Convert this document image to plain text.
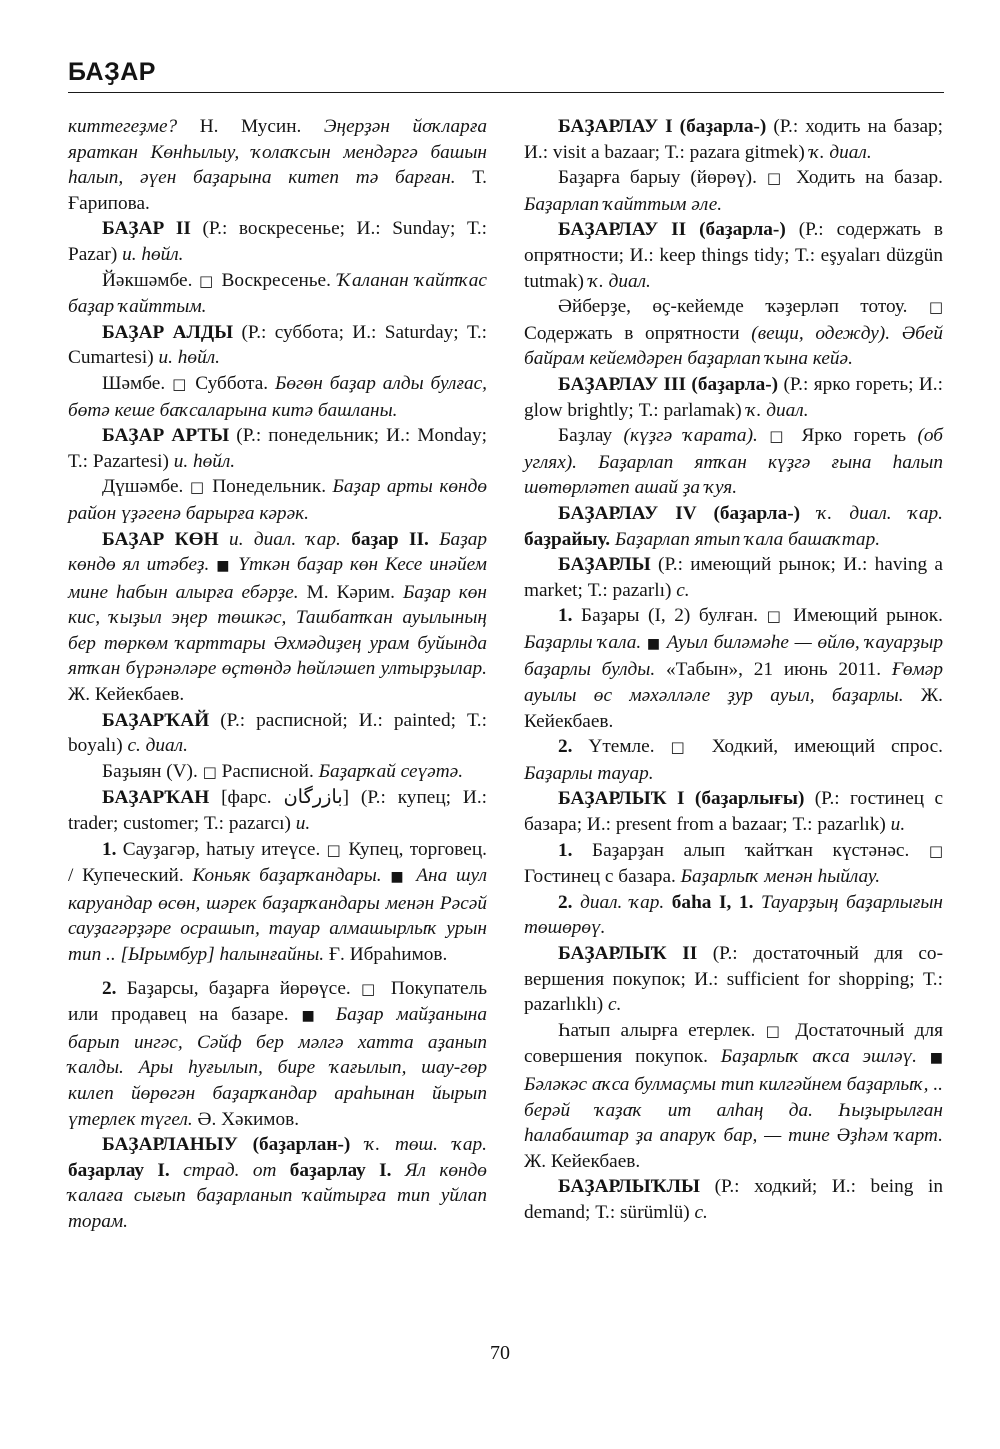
БАҘАР

киттегеҙме? Н. Мусин. Эңерҙән йоҡларға яраткан Көнһылыу, ҡолаҡсын мендәргә башын һалып, әүен баҙарына китеп тә барған. Т. Ғарипова.

БАҘАР II (Р.: воскресенье; И.: Sunday; Т.: Pazar) и. һөйл.

Йәкшәмбе. □ Воскресенье. Ҡаланан ҡайтҡас баҙар ҡайттым.

БАҘАР АЛДЫ (Р.: суббота; И.: Saturday; Т.: Cumartesi) и. һөйл.

Шәмбе. □ Суббота. Бөгөн баҙар алды булғас, бөтә кеше баҡсаларына китә башланы.

БАҘАР АРТЫ (Р.: понедельник; И.: Monday; Т.: Pazartesi) и. һөйл.

Дүшәмбе. □ Понедельник. Баҙар арты көндө район үҙәгенә барырға кәрәк.

БАҘАР КӨН и. диал. ҡар. баҙар II. Баҙар көндө ял итәбеҙ. ■ Үткән баҙар көн Кесе инәйем мине һабын алырға ебәрҙе. М. Кәрим. Баҙар көн кис, ҡыҙыл эңер төшкәс, Ташбатҡан ауылының бер төркөм ҡарттары Әхмәдиҙең урам буйында ятҡан бүрәнәләре өҫтөндә һөйләшеп ултырҙылар. Ж. Кейекбаев.

БАҘАРҠАЙ (Р.: расписной; И.: painted; Т.: boyalı) с. диал.

Баҙыян (V). □ Расписной. Баҙарҡай сеүәтә.

БАҘАРҠАН [фарс. بازرگان] (Р.: купец; И.: trader; customer; Т.: pazarcı) и.

1. Сауҙагәр, һатыу итеүсе. □ Купец, торговец. / Купеческий. Коньяк баҙарҡандары. ■ Ана шул каруандар өсөн, шәрек баҙарҡандары менән Рәсәй сауҙагәрҙәре осрашып, тауар алмашырлыҡ урын тип .. [Ырымбур] һалынғайны. Ғ. Ибраһимов.

2. Баҙарсы, баҙарға йөрөүсе. □ Покупатель или продавец на базаре. ■ Баҙар майҙанына барып ингәс, Сәйф бер мәлгә хатта аҙанып ҡалды. Ары һуғылып, бире ҡағылып, шау-гөр килеп йөрөгән баҙарҡандар араһынан йырып үтерлек түгел. Ә. Хәкимов.

БАҘАРЛАНЫУ (баҙарлан-) ҡ. төш. ҡар. баҙарлау I. страд. от баҙарлау I. Ял көндө ҡалаға сығып баҙарланып ҡайтырға тип уйлап торам.

БАҘАРЛАУ I (баҙарла-) (Р.: ходить на базар; И.: visit a bazaar; Т.: pazara gitmek) ҡ. диал.

Баҙарға барыу (йөрөү). □ Ходить на базар. Баҙарлап ҡайттым әле.

БАҘАРЛАУ II (баҙарла-) (Р.: содержать в опрятности; И.: keep things tidy; Т.: eşyaları düzgün tutmak) ҡ. диал.

Әйберҙе, өҫ-кейемде ҡәҙерләп тотоу. □ Содержать в опрятности (вещи, одежду). Әбей байрам кейемдәрен баҙарлап ҡына кейә.

БАҘАРЛАУ III (баҙарла-) (Р.: ярко гореть; И.: glow brightly; Т.: parlamak) ҡ. диал.

Баҙлау (күҙгә ҡарата). □ Ярко гореть (об углях). Баҙарлап ятҡан күҙгә ғына һалып шөтөрләтеп ашай ҙа ҡуя.

БАҘАРЛАУ IV (баҙарла-) ҡ. диал. ҡар. баҙрайыу. Баҙарлап ятып ҡала башаҡтар.

БАҘАРЛЫ (Р.: имеющий рынок; И.: having a market; Т.: pazarlı) с.

1. Баҙары (I, 2) булған. □ Имеющий рынок. Баҙарлы ҡала. ■ Ауыл биләмәһе — өйлө, ҡауарҙыр баҙарлы булды. «Табын», 21 июнь 2011. Ғөмәр ауылы өс мәхәлләле ҙур ауыл, баҙарлы. Ж. Кейекбаев.

2. Үтемле. □ Ходкий, имеющий спрос. Баҙарлы тауар.

БАҘАРЛЫҠ I (баҙарлығы) (Р.: гостинец с базара; И.: present from a bazaar; Т.: pazarlık) и.

1. Баҙарҙан алып ҡайтҡан күстәнәс. □ Гостинец с базара. Баҙарлыҡ менән һыйлау.

2. диал. ҡар. баһа I, 1. Тауарҙың баҙарлығын төшөрөү.

БАҘАРЛЫҠ II (Р.: достаточный для совершения покупок; И.: sufficient for shopping; Т.: pazarlıklı) с.

Һатып алырға етерлек. □ Достаточный для совершения покупок. Баҙарлыҡ аҡса эшләү. ■ Бәләкәс аҡса булмаҫмы тип килгәйнем баҙарлыҡ, .. берәй ҡаҙаҡ ит алһаң да. Һыҙырылған һалабаштар ҙа апаруҡ бар, — тине Әҙһәм ҡарт. Ж. Кейекбаев.

БАҘАРЛЫҠЛЫ (Р.: ходкий; И.: being in demand; Т.: sürümlü) с.

70
